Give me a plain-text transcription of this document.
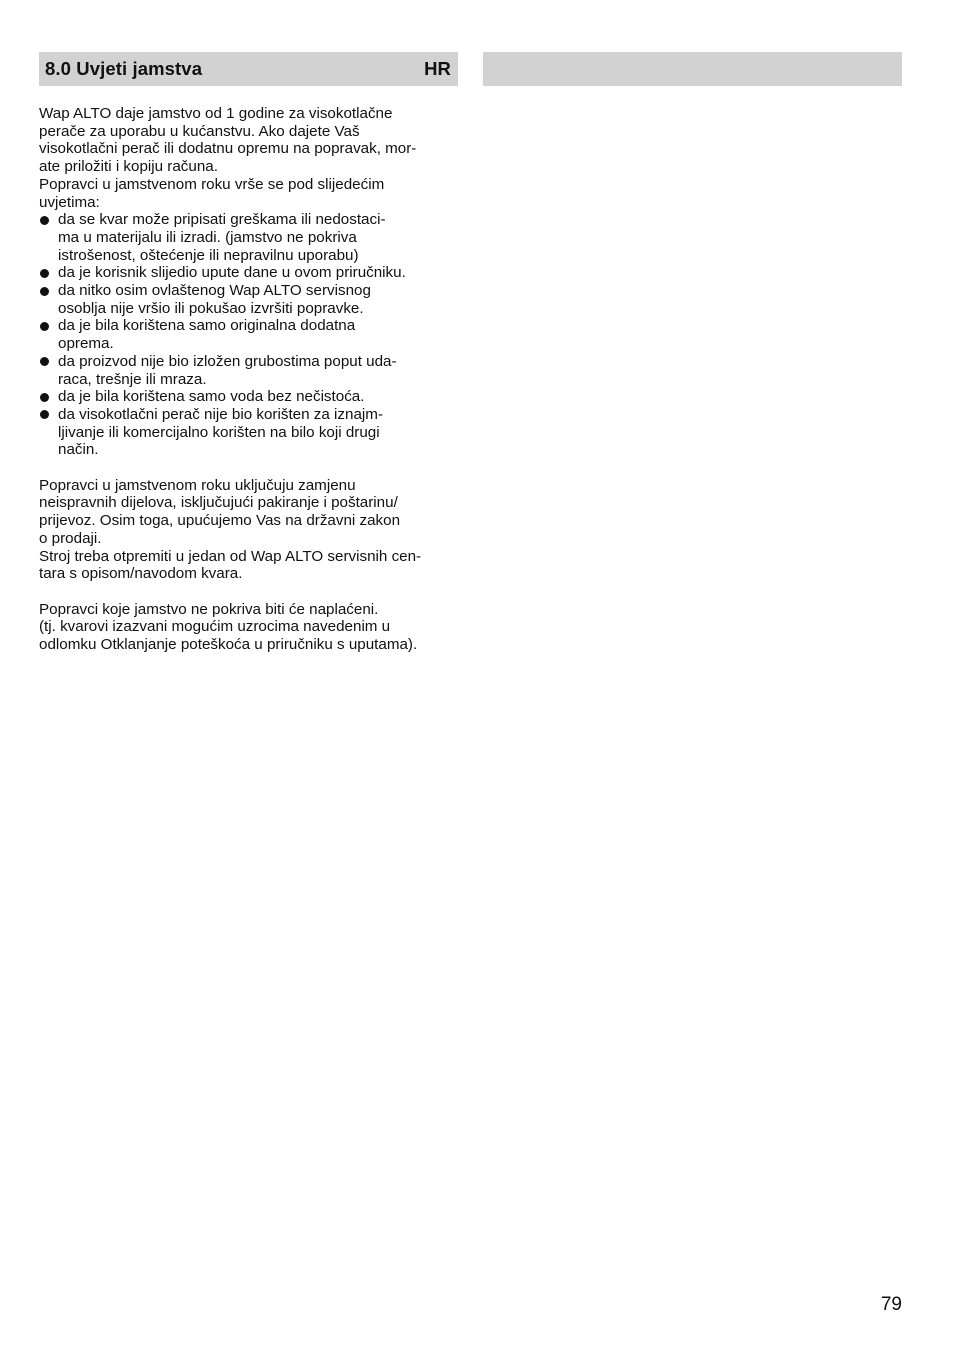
8.0 Uvjeti jamstva	HR

Wap ALTO daje jamstvo od 1 godine za visokotlačne
perače za uporabu u kućanstvu. Ako dajete Vaš
visokotlačni perač ili dodatnu opremu na popravak, mor-
ate priložiti i kopiju računa.

Popravci u jamstvenom roku vrše se pod slijedećim
uvjetima:

da se kvar može pripisati greškama ili nedostaci-
ma u materijalu ili izradi. (jamstvo ne pokriva
istrošenost, oštećenje ili nepravilnu uporabu)
da je korisnik slijedio upute dane u ovom priručniku.
da nitko osim ovlaštenog Wap ALTO servisnog
osoblja nije vršio ili pokušao izvršiti popravke.
da je bila korištena samo originalna dodatna
oprema.
da proizvod nije bio izložen grubostima poput uda-
raca, trešnje ili mraza.
da je bila korištena samo voda bez nečistoća.
da visokotlačni perač nije bio korišten za iznajm-
ljivanje ili komercijalno korišten na bilo koji drugi
način.

Popravci u jamstvenom roku uključuju zamjenu
neispravnih dijelova, isključujući pakiranje i poštarinu/
prijevoz. Osim toga, upućujemo Vas na državni zakon
o prodaji.

Stroj treba otpremiti u jedan od Wap ALTO servisnih cen-
tara s opisom/navodom kvara.

Popravci koje jamstvo ne pokriva biti će naplaćeni.
(tj. kvarovi izazvani mogućim uzrocima navedenim u
odlomku Otklanjanje poteškoća u priručniku s uputama).

79
